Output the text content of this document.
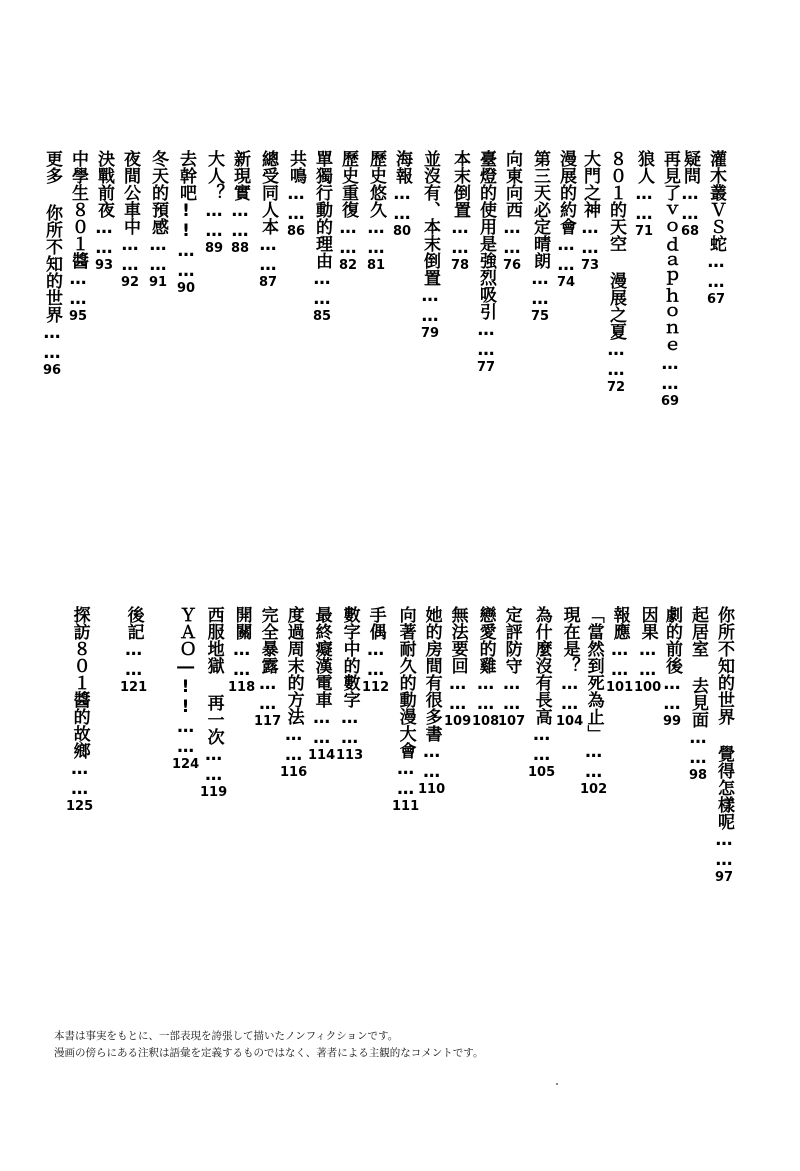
灌木叢ＶＳ蛇……
67
疑問……
68
再見了ｖｏｄａｐｈｏｎｅ……
69
狼人……
71
８０１的天空 漫展之夏……
72
大門之神……
73
漫展的約會……
74
第三天必定晴朗……
75
向東向西……
76
臺燈的使用是強烈吸引……
77
本末倒置……
78
並沒有、本末倒置……
79
海報……
80
歷史悠久……
81
歷史重復……
82
單獨行動的理由……
85
共鳴……
86
總受同人本……
87
新現實……
88
大人？……
89
去幹吧!!……
90
冬天的預感……
91
夜間公車中……
92
決戰前夜……
93
中學生８０１醬……
95
更多 你所不知的世界……
96
你所不知的世界 覺得怎樣呢……
97
起居室 去見面……
98
劇的前後……
99
因果……
100
報應……
101
「當然到死為止」……
102
現在是？……
104
為什麼沒有長高……
105
定評防守……
107
戀愛的雞……
108
無法要回……
109
她的房間有很多書……
110
向著耐久的動漫大會……
111
手偶……
112
數字中的數字……
113
最終癡漢電車……
114
度過周末的方法……
116
完全暴露……
117
開關……
118
西服地獄 再一次……
119
ＹＡＯ―!!……
124
後記……
121
探訪８０１醬的故鄉……
125
本書は事実をもとに、一部表現を誇張して描いたノンフィクションです。
漫画の傍らにある注釈は語彙を定義するものではなく、著者による主観的なコメントです。
